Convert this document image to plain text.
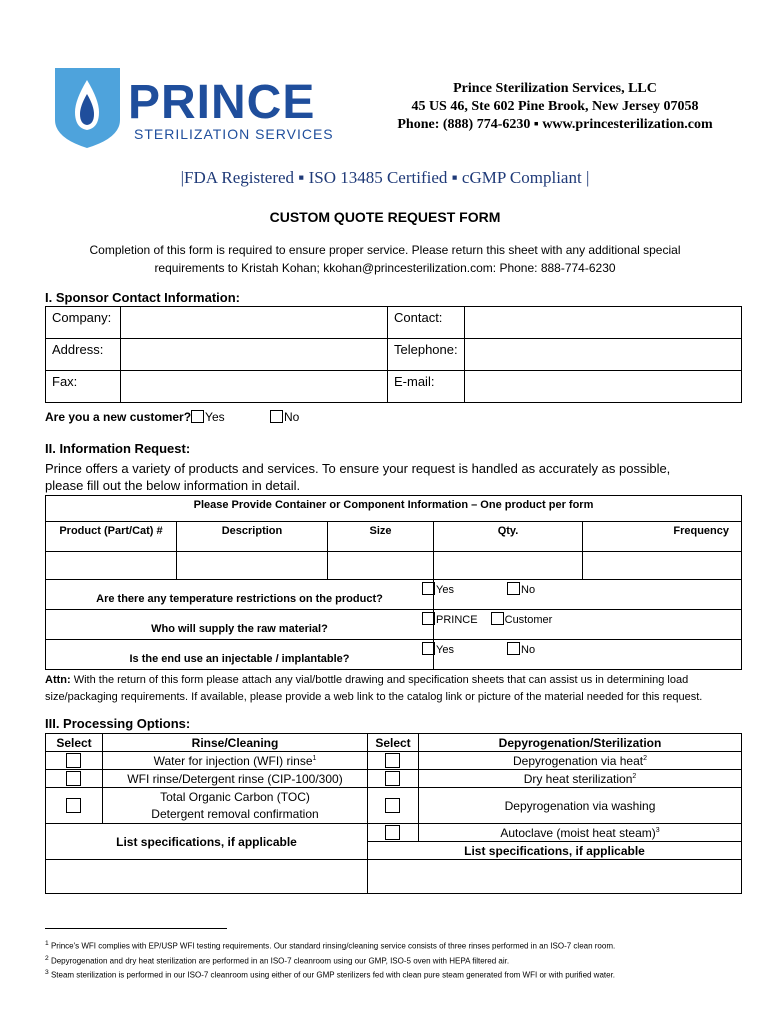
PRINCE
STERILIZATION SERVICES
Prince Sterilization Services, LLC
45 US 46, Ste 602 Pine Brook, New Jersey 07058
Phone: (888) 774-6230 ▪ www.princesterilization.com
|FDA Registered ▪ ISO 13485 Certified ▪ cGMP Compliant |
CUSTOM QUOTE REQUEST FORM
Completion of this form is required to ensure proper service. Please return this sheet with any additional special
requirements to Kristah Kohan; kkohan@princesterilization.com: Phone: 888-774-6230
I. Sponsor Contact Information:
Company:		Contact:	
Address:		Telephone:	
Fax:		E-mail:	
Are you a new customer? Yes	No
II. Information Request:
Prince offers a variety of products and services. To ensure your request is handled as accurately as possible,
please fill out the below information in detail.
Please Provide Container or Component Information – One product per form				
Product (Part/Cat) #	Description	Size	Qty.	Frequency

Are there any temperature restrictions on the product?			Yes No	
Who will supply the raw material?			PRINCE Customer	
Is the end use an injectable / implantable?			Yes No	
Attn: With the return of this form please attach any vial/bottle drawing and specification sheets that can assist us in determining load
size/packaging requirements. If available, please provide a web link to the catalog link or picture of the material needed for this request.
III. Processing Options:
Select	Rinse/Cleaning	Select	Depyrogenation/Sterilization
	Water for injection (WFI) rinse$^1$		Depyrogenation via heat$^2$
	WFI rinse/Detergent rinse (CIP-100/300)		Dry heat sterilization$^2$

	Total Organic Carbon (TOC)
Detergent removal confirmation		Depyrogenation via washing
List specifications, if applicable			Autoclave (moist heat steam)$^3$
		List specifications, if applicable	

$^1$ Prince's WFI complies with EP/USP WFI testing requirements. Our standard rinsing/cleaning service consists of three rinses performed in an ISO-7 clean room.
$^2$ Depyrogenation and dry heat sterilization are performed in an ISO-7 cleanroom using our GMP, ISO-5 oven with HEPA filtered air.
$^3$ Steam sterilization is performed in our ISO-7 cleanroom using either of our GMP sterilizers fed with clean pure steam generated from WFI or with purified water.
